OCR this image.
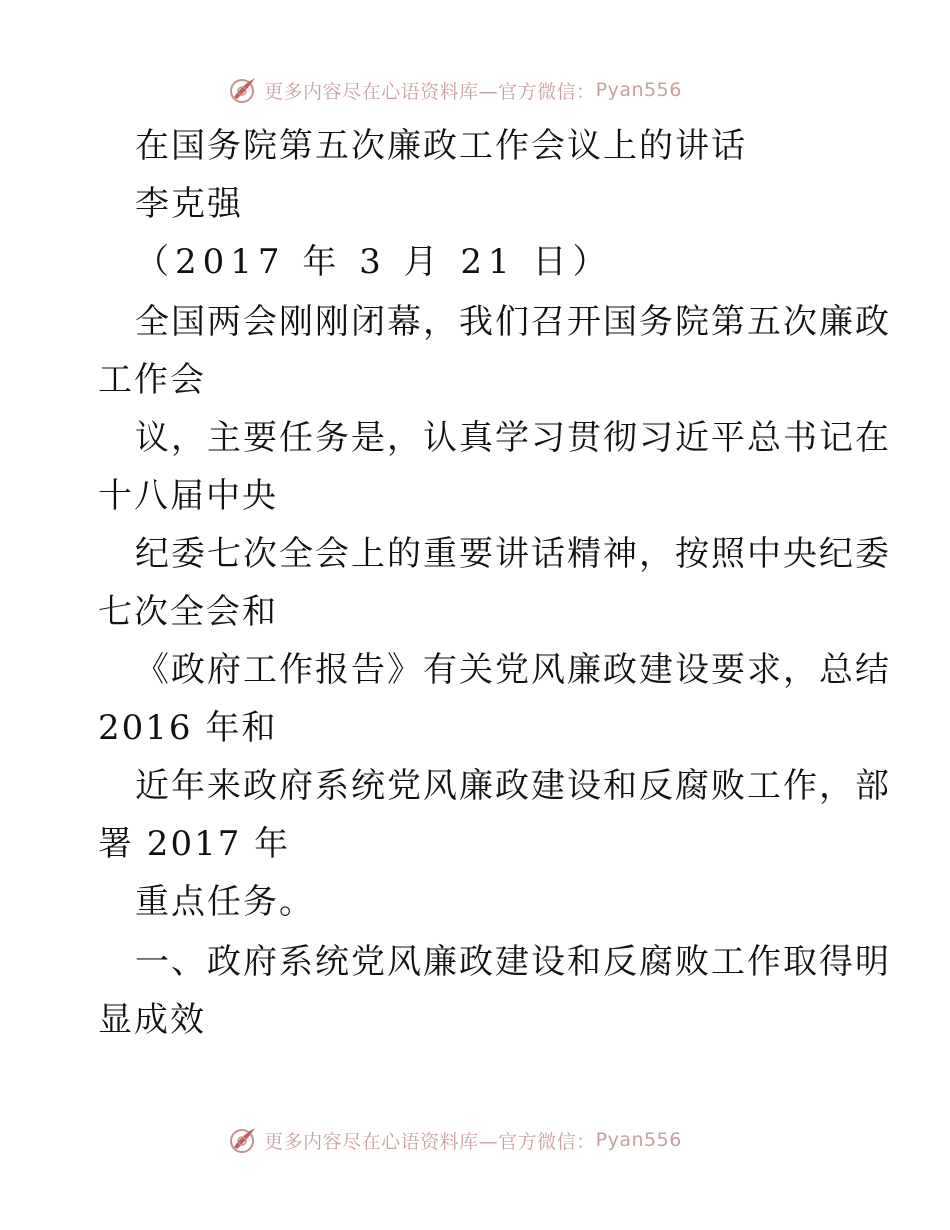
更多内容尽在心语资料库—官方微信： Pyan556
在国务院第五次廉政工作会议上的讲话
李克强
（2017 年 3 月 21 日）
全国两会刚刚闭幕，我们召开国务院第五次廉政
工作会
议，主要任务是，认真学习贯彻习近平总书记在
十八届中央
纪委七次全会上的重要讲话精神，按照中央纪委
七次全会和
《政府工作报告》有关党风廉政建设要求，总结
2016 年和
近年来政府系统党风廉政建设和反腐败工作，部
署 2017 年
重点任务。
一、政府系统党风廉政建设和反腐败工作取得明
显成效
更多内容尽在心语资料库—官方微信： Pyan556
